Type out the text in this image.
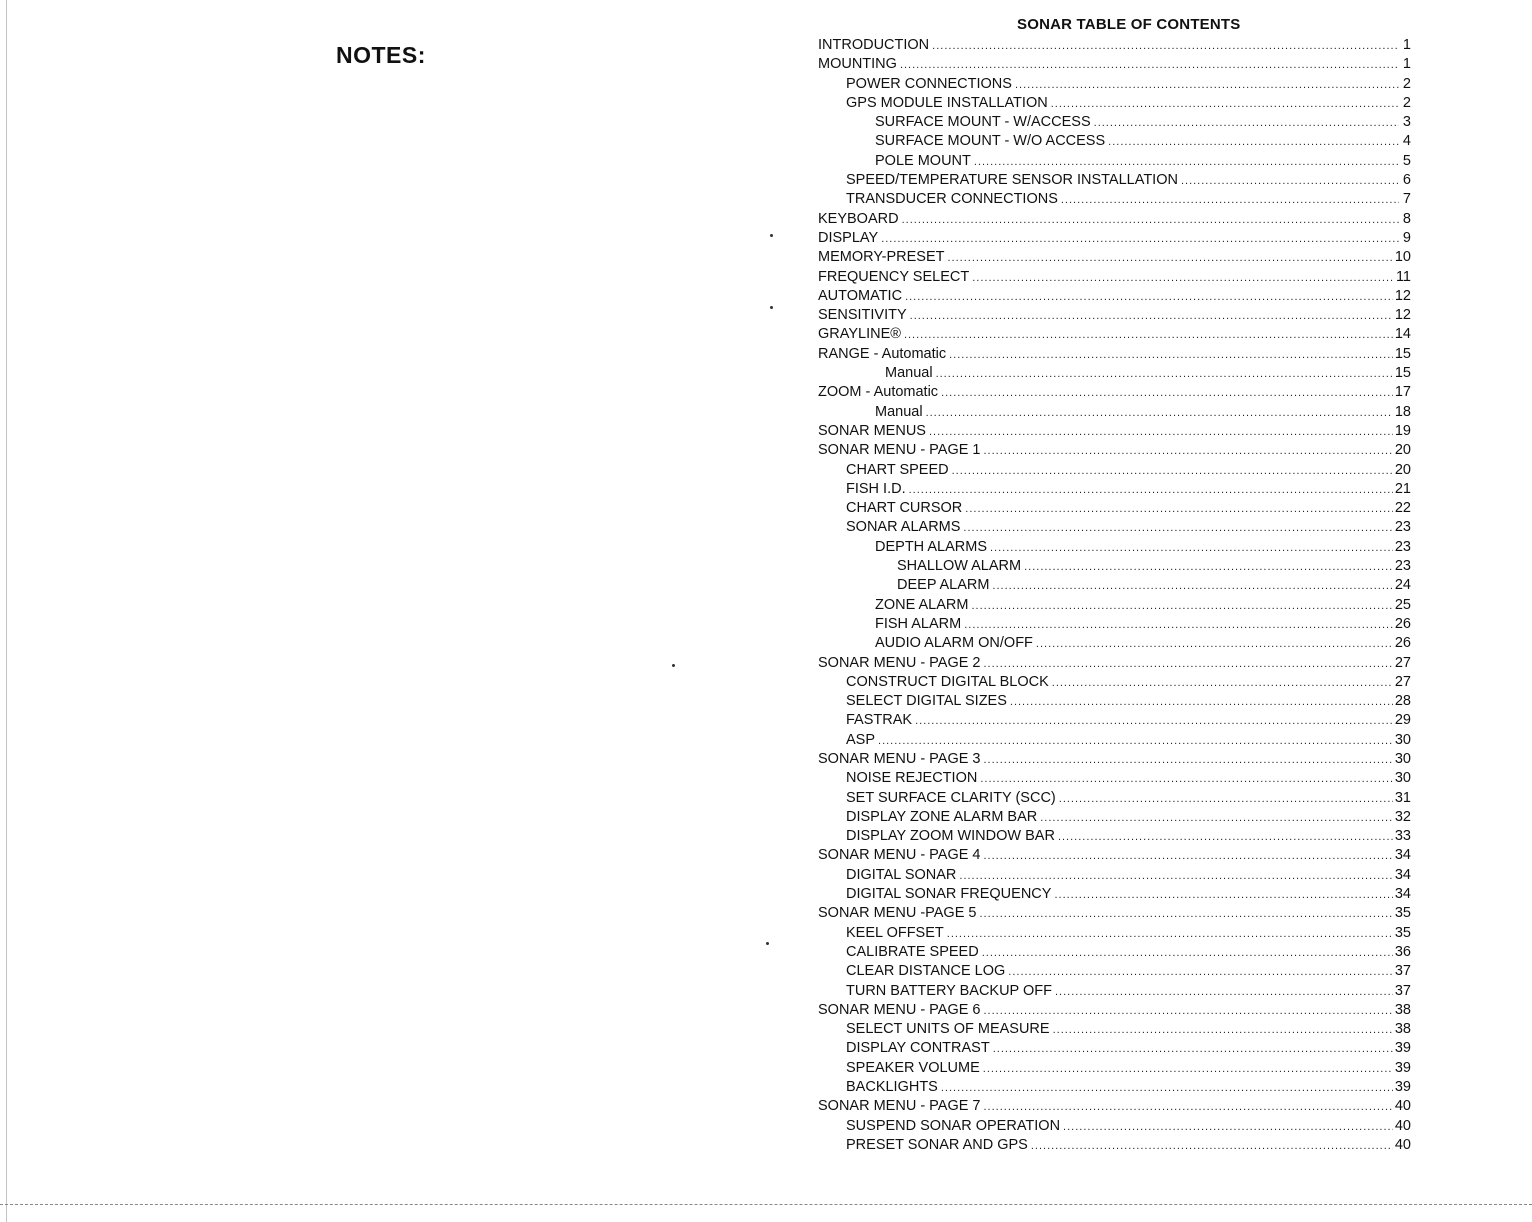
NOTES:
SONAR TABLE OF CONTENTS
INTRODUCTION .....	1
MOUNTING .....	1
POWER CONNECTIONS .....	2
GPS MODULE INSTALLATION .....	2
SURFACE MOUNT - W/ACCESS .....	3
SURFACE MOUNT - W/O ACCESS .....	4
POLE MOUNT .....	5
SPEED/TEMPERATURE SENSOR INSTALLATION .....	6
TRANSDUCER CONNECTIONS .....	7
KEYBOARD .....	8
DISPLAY .....	9
MEMORY-PRESET .....	10
FREQUENCY SELECT .....	11
AUTOMATIC .....	12
SENSITIVITY .....	12
GRAYLINE® .....	14
RANGE - Automatic .....	15
Manual .....	15
ZOOM - Automatic .....	17
Manual .....	18
SONAR MENUS .....	19
SONAR MENU - PAGE 1 .....	20
CHART SPEED .....	20
FISH I.D. .....	21
CHART CURSOR .....	22
SONAR ALARMS .....	23
DEPTH ALARMS .....	23
SHALLOW ALARM .....	23
DEEP ALARM .....	24
ZONE ALARM .....	25
FISH ALARM .....	26
AUDIO ALARM ON/OFF .....	26
SONAR MENU - PAGE 2 .....	27
CONSTRUCT DIGITAL BLOCK .....	27
SELECT DIGITAL SIZES .....	28
FASTRAK .....	29
ASP .....	30
SONAR MENU - PAGE 3 .....	30
NOISE REJECTION .....	30
SET SURFACE CLARITY (SCC) .....	31
DISPLAY ZONE ALARM BAR .....	32
DISPLAY ZOOM WINDOW BAR .....	33
SONAR MENU - PAGE 4 .....	34
DIGITAL SONAR .....	34
DIGITAL SONAR FREQUENCY .....	34
SONAR MENU -PAGE 5 .....	35
KEEL OFFSET .....	35
CALIBRATE SPEED .....	36
CLEAR DISTANCE LOG .....	37
TURN BATTERY BACKUP OFF .....	37
SONAR MENU - PAGE 6 .....	38
SELECT UNITS OF MEASURE .....	38
DISPLAY CONTRAST .....	39
SPEAKER VOLUME .....	39
BACKLIGHTS .....	39
SONAR MENU - PAGE 7 .....	40
SUSPEND SONAR OPERATION .....	40
PRESET SONAR AND GPS .....	40
